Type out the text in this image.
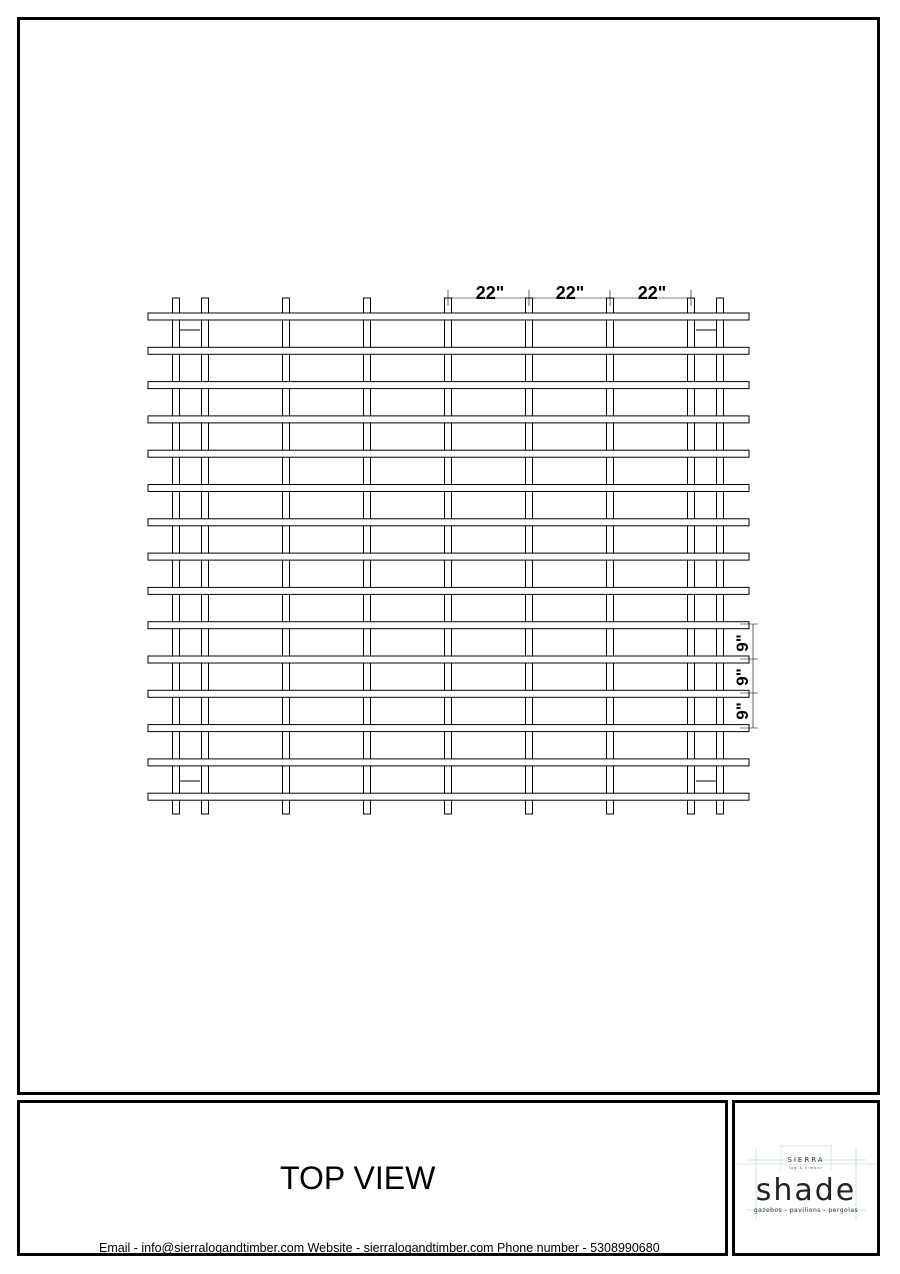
22"	22"	22"
9"
9"
9"
TOP VIEW
Email - info@sierralogandtimber.com Website - sierralogandtimber.com Phone number - 5308990680
SIERRA
log & timber
shade
gazebos - pavilions - pergolas
